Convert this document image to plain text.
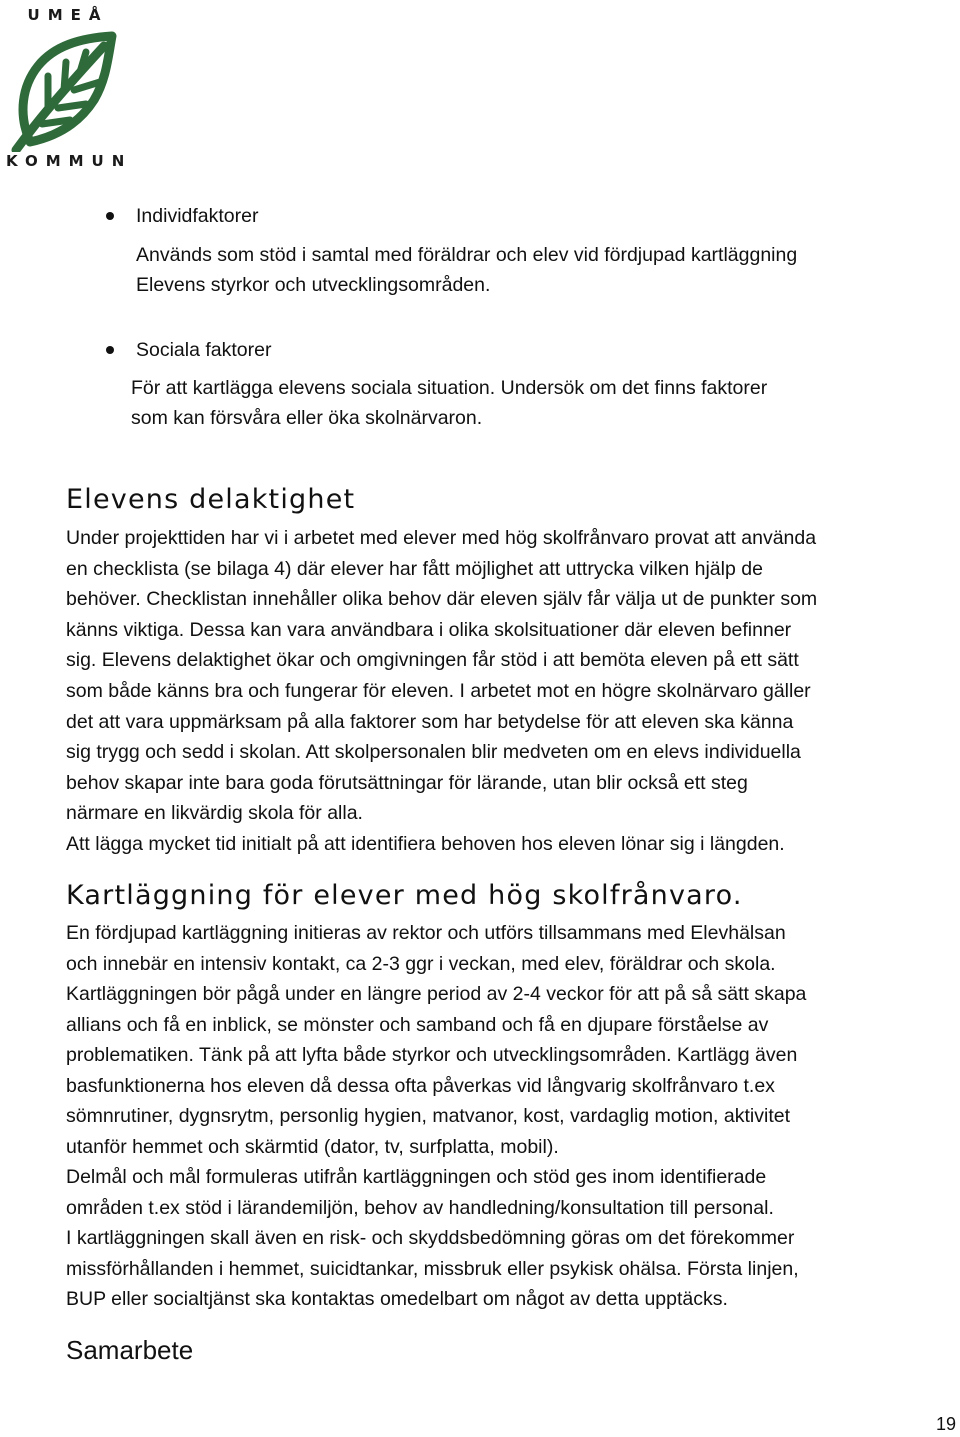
UMEÅ
KOMMUN
Individfaktorer
Används som stöd i samtal med föräldrar och elev vid fördjupad kartläggning
Elevens styrkor och utvecklingsområden.
Sociala faktorer
För att kartlägga elevens sociala situation. Undersök om det finns faktorer
som kan försvåra eller öka skolnärvaron.
Elevens delaktighet
Under projekttiden har vi i arbetet med elever med hög skolfrånvaro provat att använda
en checklista (se bilaga 4) där elever har fått möjlighet att uttrycka vilken hjälp de
behöver. Checklistan innehåller olika behov där eleven själv får välja ut de punkter som
känns viktiga. Dessa kan vara användbara i olika skolsituationer där eleven befinner
sig. Elevens delaktighet ökar och omgivningen får stöd i att bemöta eleven på ett sätt
som både känns bra och fungerar för eleven. I arbetet mot en högre skolnärvaro gäller
det att vara uppmärksam på alla faktorer som har betydelse för att eleven ska känna
sig trygg och sedd i skolan. Att skolpersonalen blir medveten om en elevs individuella
behov skapar inte bara goda förutsättningar för lärande, utan blir också ett steg
närmare en likvärdig skola för alla.
Att lägga mycket tid initialt på att identifiera behoven hos eleven lönar sig i längden.
Kartläggning för elever med hög skolfrånvaro.
En fördjupad kartläggning initieras av rektor och utförs tillsammans med Elevhälsan
och innebär en intensiv kontakt, ca 2-3 ggr i veckan, med elev, föräldrar och skola.
Kartläggningen bör pågå under en längre period av 2-4 veckor för att på så sätt skapa
allians och få en inblick, se mönster och samband och få en djupare förståelse av
problematiken. Tänk på att lyfta både styrkor och utvecklingsområden. Kartlägg även
basfunktionerna hos eleven då dessa ofta påverkas vid långvarig skolfrånvaro t.ex
sömnrutiner, dygnsrytm, personlig hygien, matvanor, kost, vardaglig motion, aktivitet
utanför hemmet och skärmtid (dator, tv, surfplatta, mobil).
Delmål och mål formuleras utifrån kartläggningen och stöd ges inom identifierade
områden t.ex stöd i lärandemiljön, behov av handledning/konsultation till personal.
I kartläggningen skall även en risk- och skyddsbedömning göras om det förekommer
missförhållanden i hemmet, suicidtankar, missbruk eller psykisk ohälsa. Första linjen,
BUP eller socialtjänst ska kontaktas omedelbart om något av detta upptäcks.
Samarbete
19
